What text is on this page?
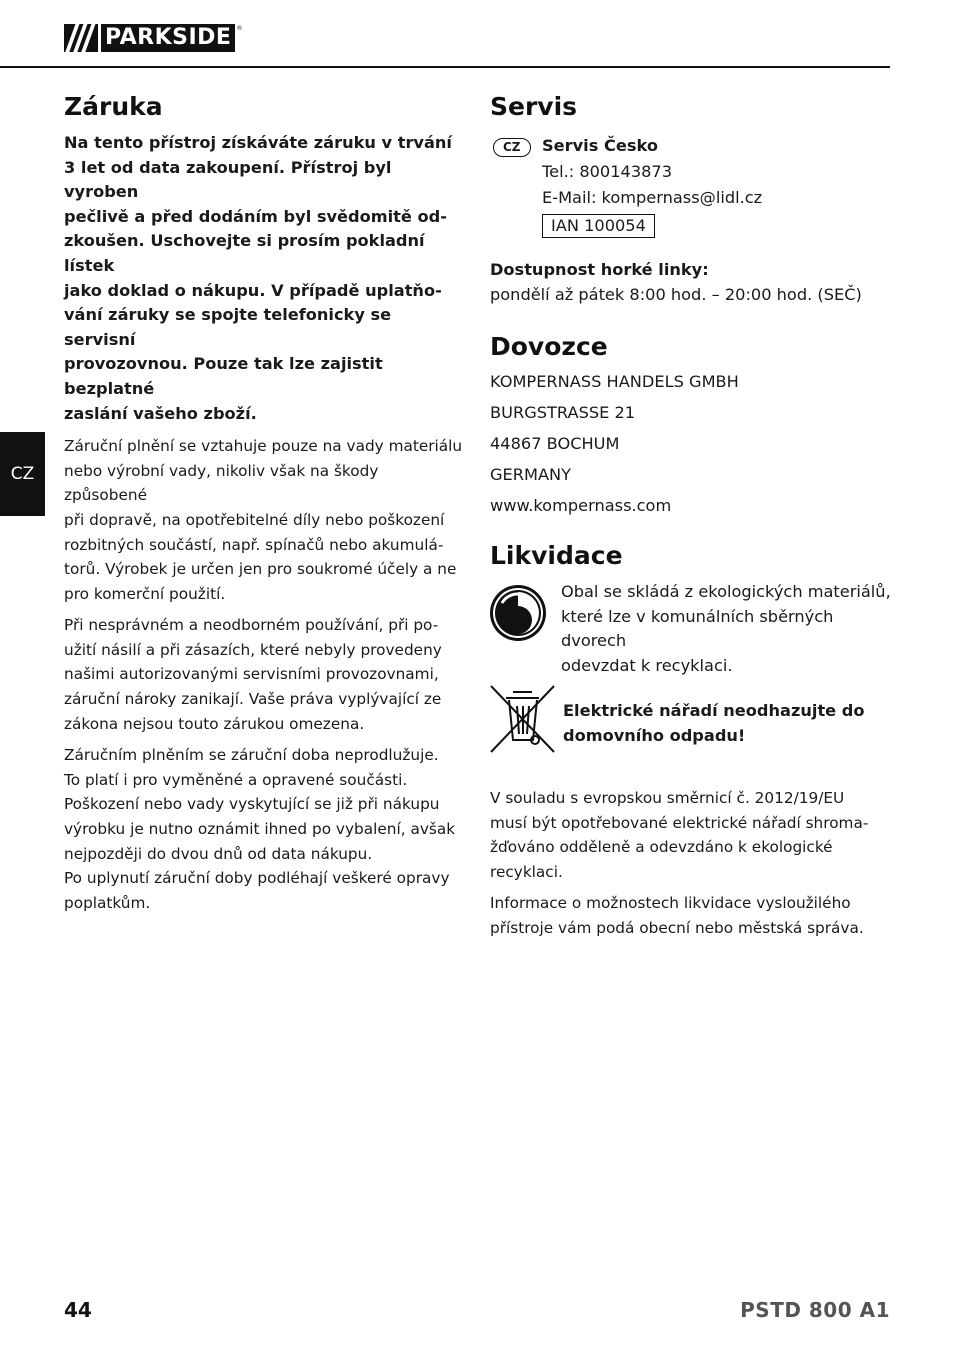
PARKSIDE ®
CZ
Záruka
Na tento přístroj získáváte záruku v trvání
3 let od data zakoupení. Přístroj byl vyroben
pečlivě a před dodáním byl svědomitě od-
zkoušen. Uschovejte si prosím pokladní lístek
jako doklad o nákupu. V případě uplatňo-
vání záruky se spojte telefonicky se servisní
provozovnou. Pouze tak lze zajistit bezplatné
zaslání vašeho zboží.
Záruční plnění se vztahuje pouze na vady materiálu
nebo výrobní vady, nikoliv však na škody způsobené
při dopravě, na opotřebitelné díly nebo poškození
rozbitných součástí, např. spínačů nebo akumulá-
torů. Výrobek je určen jen pro soukromé účely a ne
pro komerční použití.
Při nesprávném a neodborném používání, při po-
užití násilí a při zásazích, které nebyly provedeny
našimi autorizovanými servisními provozovnami,
záruční nároky zanikají. Vaše práva vyplývající ze
zákona nejsou touto zárukou omezena.
Záručním plněním se záruční doba neprodlužuje.
To platí i pro vyměněné a opravené součásti.
Poškození nebo vady vyskytující se již při nákupu
výrobku je nutno oznámit ihned po vybalení, avšak
nejpozději do dvou dnů od data nákupu.
Po uplynutí záruční doby podléhají veškeré opravy
poplatkům.
Servis
CZ	Servis Česko
Tel.: 800143873
E-Mail: kompernass@lidl.cz
IAN 100054
Dostupnost horké linky:
pondělí až pátek 8:00 hod. – 20:00 hod. (SEČ)
Dovozce
KOMPERNASS HANDELS GMBH
BURGSTRASSE 21
44867 BOCHUM
GERMANY
www.kompernass.com
Likvidace
Obal se skládá z ekologických materiálů,
které lze v komunálních sběrných dvorech
odevzdat k recyklaci.
Elektrické nářadí neodhazujte do
domovního odpadu!
V souladu s evropskou směrnicí č. 2012/19/EU
musí být opotřebované elektrické nářadí shroma-
žďováno odděleně a odevzdáno k ekologické
recyklaci.
Informace o možnostech likvidace vysloužilého
přístroje vám podá obecní nebo městská správa.
44	PSTD 800 A1
